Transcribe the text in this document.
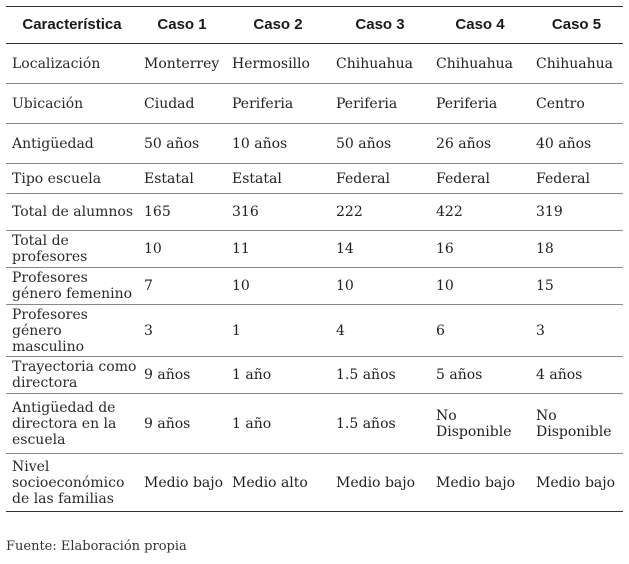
Característica	Caso 1	Caso 2	Caso 3	Caso 4	Caso 5
Localización	Monterrey	Hermosillo	Chihuahua	Chihuahua	Chihuahua
Ubicación	Ciudad	Periferia	Periferia	Periferia	Centro
Antigüedad	50 años	10 años	50 años	26 años	40 años
Tipo escuela	Estatal	Estatal	Federal	Federal	Federal
Total de alumnos	165	316	222	422	319
Total de profesores	10	11	14	16	18
Profesores género femenino	7	10	10	10	15
Profesores género masculino	3	1	4	6	3
Trayectoria como directora	9 años	1 año	1.5 años	5 años	4 años
Antigüedad de directora en la escuela	9 años	1 año	1.5 años	No Disponible	No Disponible
Nivel socioeconómico de las familias	Medio bajo	Medio alto	Medio bajo	Medio bajo	Medio bajo
Fuente: Elaboración propia
